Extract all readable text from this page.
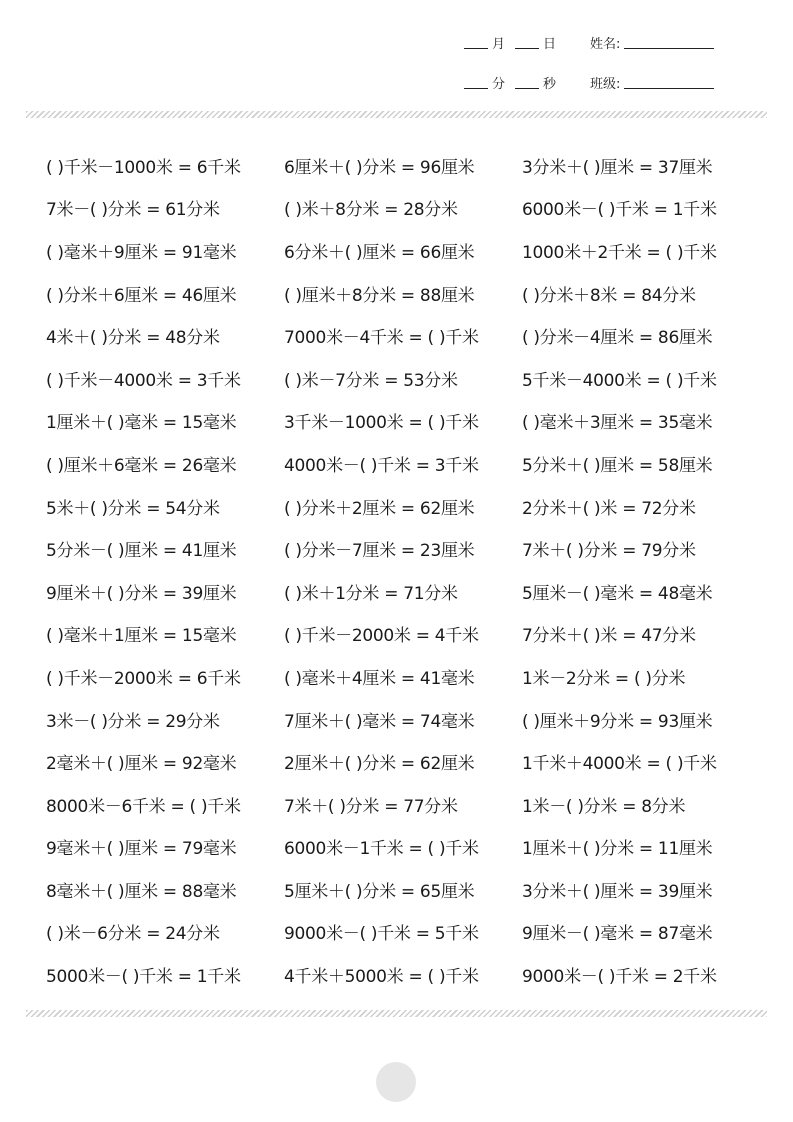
月	日	姓名:
分	秒	班级:
( )千米－1000米 = 6千米	6厘米＋( )分米 = 96厘米	3分米＋( )厘米 = 37厘米
7米－( )分米 = 61分米	( )米＋8分米 = 28分米	6000米－( )千米 = 1千米
( )毫米＋9厘米 = 91毫米	6分米＋( )厘米 = 66厘米	1000米＋2千米 = ( )千米
( )分米＋6厘米 = 46厘米	( )厘米＋8分米 = 88厘米	( )分米＋8米 = 84分米
4米＋( )分米 = 48分米	7000米－4千米 = ( )千米	( )分米－4厘米 = 86厘米
( )千米－4000米 = 3千米	( )米－7分米 = 53分米	5千米－4000米 = ( )千米
1厘米＋( )毫米 = 15毫米	3千米－1000米 = ( )千米	( )毫米＋3厘米 = 35毫米
( )厘米＋6毫米 = 26毫米	4000米－( )千米 = 3千米	5分米＋( )厘米 = 58厘米
5米＋( )分米 = 54分米	( )分米＋2厘米 = 62厘米	2分米＋( )米 = 72分米
5分米－( )厘米 = 41厘米	( )分米－7厘米 = 23厘米	7米＋( )分米 = 79分米
9厘米＋( )分米 = 39厘米	( )米＋1分米 = 71分米	5厘米－( )毫米 = 48毫米
( )毫米＋1厘米 = 15毫米	( )千米－2000米 = 4千米	7分米＋( )米 = 47分米
( )千米－2000米 = 6千米	( )毫米＋4厘米 = 41毫米	1米－2分米 = ( )分米
3米－( )分米 = 29分米	7厘米＋( )毫米 = 74毫米	( )厘米＋9分米 = 93厘米
2毫米＋( )厘米 = 92毫米	2厘米＋( )分米 = 62厘米	1千米＋4000米 = ( )千米
8000米－6千米 = ( )千米	7米＋( )分米 = 77分米	1米－( )分米 = 8分米
9毫米＋( )厘米 = 79毫米	6000米－1千米 = ( )千米	1厘米＋( )分米 = 11厘米
8毫米＋( )厘米 = 88毫米	5厘米＋( )分米 = 65厘米	3分米＋( )厘米 = 39厘米
( )米－6分米 = 24分米	9000米－( )千米 = 5千米	9厘米－( )毫米 = 87毫米
5000米－( )千米 = 1千米	4千米＋5000米 = ( )千米	9000米－( )千米 = 2千米
